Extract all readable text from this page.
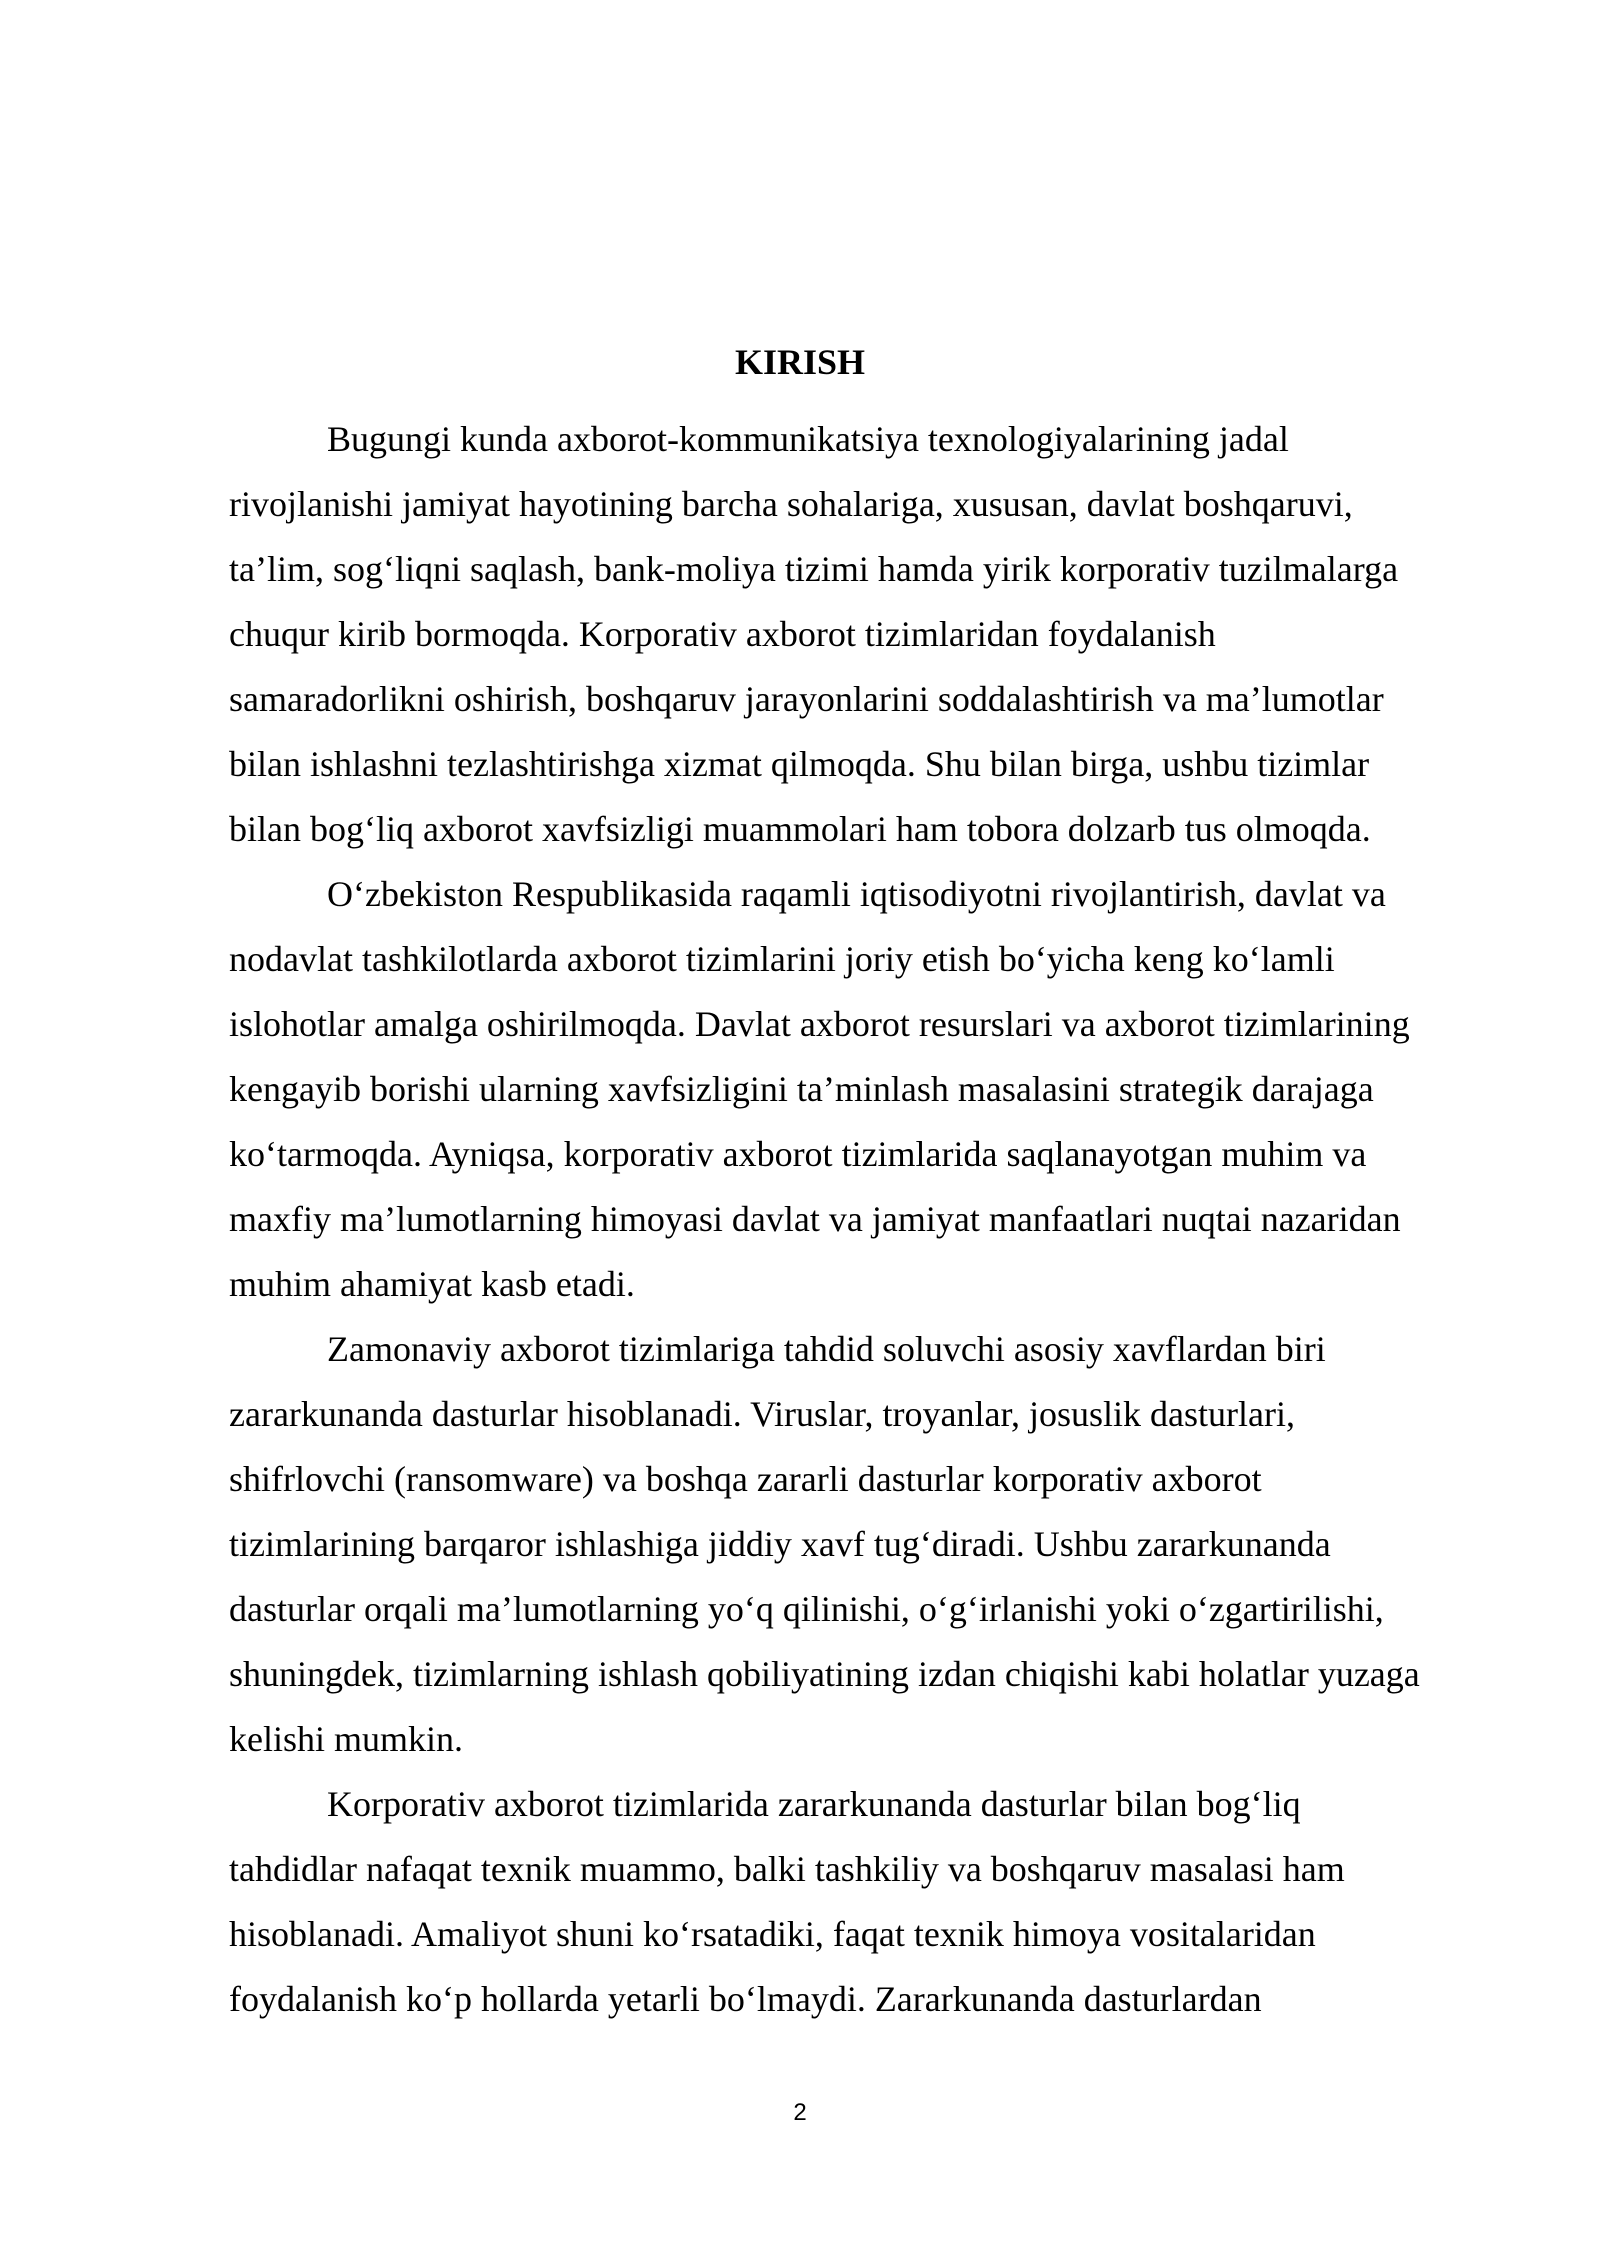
KIRISH
Bugungi kunda axborot-kommunikatsiya texnologiyalarining jadal
rivojlanishi jamiyat hayotining barcha sohalariga, xususan, davlat boshqaruvi,
ta’lim, sog‘liqni saqlash, bank-moliya tizimi hamda yirik korporativ tuzilmalarga
chuqur kirib bormoqda. Korporativ axborot tizimlaridan foydalanish
samaradorlikni oshirish, boshqaruv jarayonlarini soddalashtirish va ma’lumotlar
bilan ishlashni tezlashtirishga xizmat qilmoqda. Shu bilan birga, ushbu tizimlar
bilan bog‘liq axborot xavfsizligi muammolari ham tobora dolzarb tus olmoqda.
O‘zbekiston Respublikasida raqamli iqtisodiyotni rivojlantirish, davlat va
nodavlat tashkilotlarda axborot tizimlarini joriy etish bo‘yicha keng ko‘lamli
islohotlar amalga oshirilmoqda. Davlat axborot resurslari va axborot tizimlarining
kengayib borishi ularning xavfsizligini ta’minlash masalasini strategik darajaga
ko‘tarmoqda. Ayniqsa, korporativ axborot tizimlarida saqlanayotgan muhim va
maxfiy ma’lumotlarning himoyasi davlat va jamiyat manfaatlari nuqtai nazaridan
muhim ahamiyat kasb etadi.
Zamonaviy axborot tizimlariga tahdid soluvchi asosiy xavflardan biri
zararkunanda dasturlar hisoblanadi. Viruslar, troyanlar, josuslik dasturlari,
shifrlovchi (ransomware) va boshqa zararli dasturlar korporativ axborot
tizimlarining barqaror ishlashiga jiddiy xavf tug‘diradi. Ushbu zararkunanda
dasturlar orqali ma’lumotlarning yo‘q qilinishi, o‘g‘irlanishi yoki o‘zgartirilishi,
shuningdek, tizimlarning ishlash qobiliyatining izdan chiqishi kabi holatlar yuzaga
kelishi mumkin.
Korporativ axborot tizimlarida zararkunanda dasturlar bilan bog‘liq
tahdidlar nafaqat texnik muammo, balki tashkiliy va boshqaruv masalasi ham
hisoblanadi. Amaliyot shuni ko‘rsatadiki, faqat texnik himoya vositalaridan
foydalanish ko‘p hollarda yetarli bo‘lmaydi. Zararkunanda dasturlardan
2
